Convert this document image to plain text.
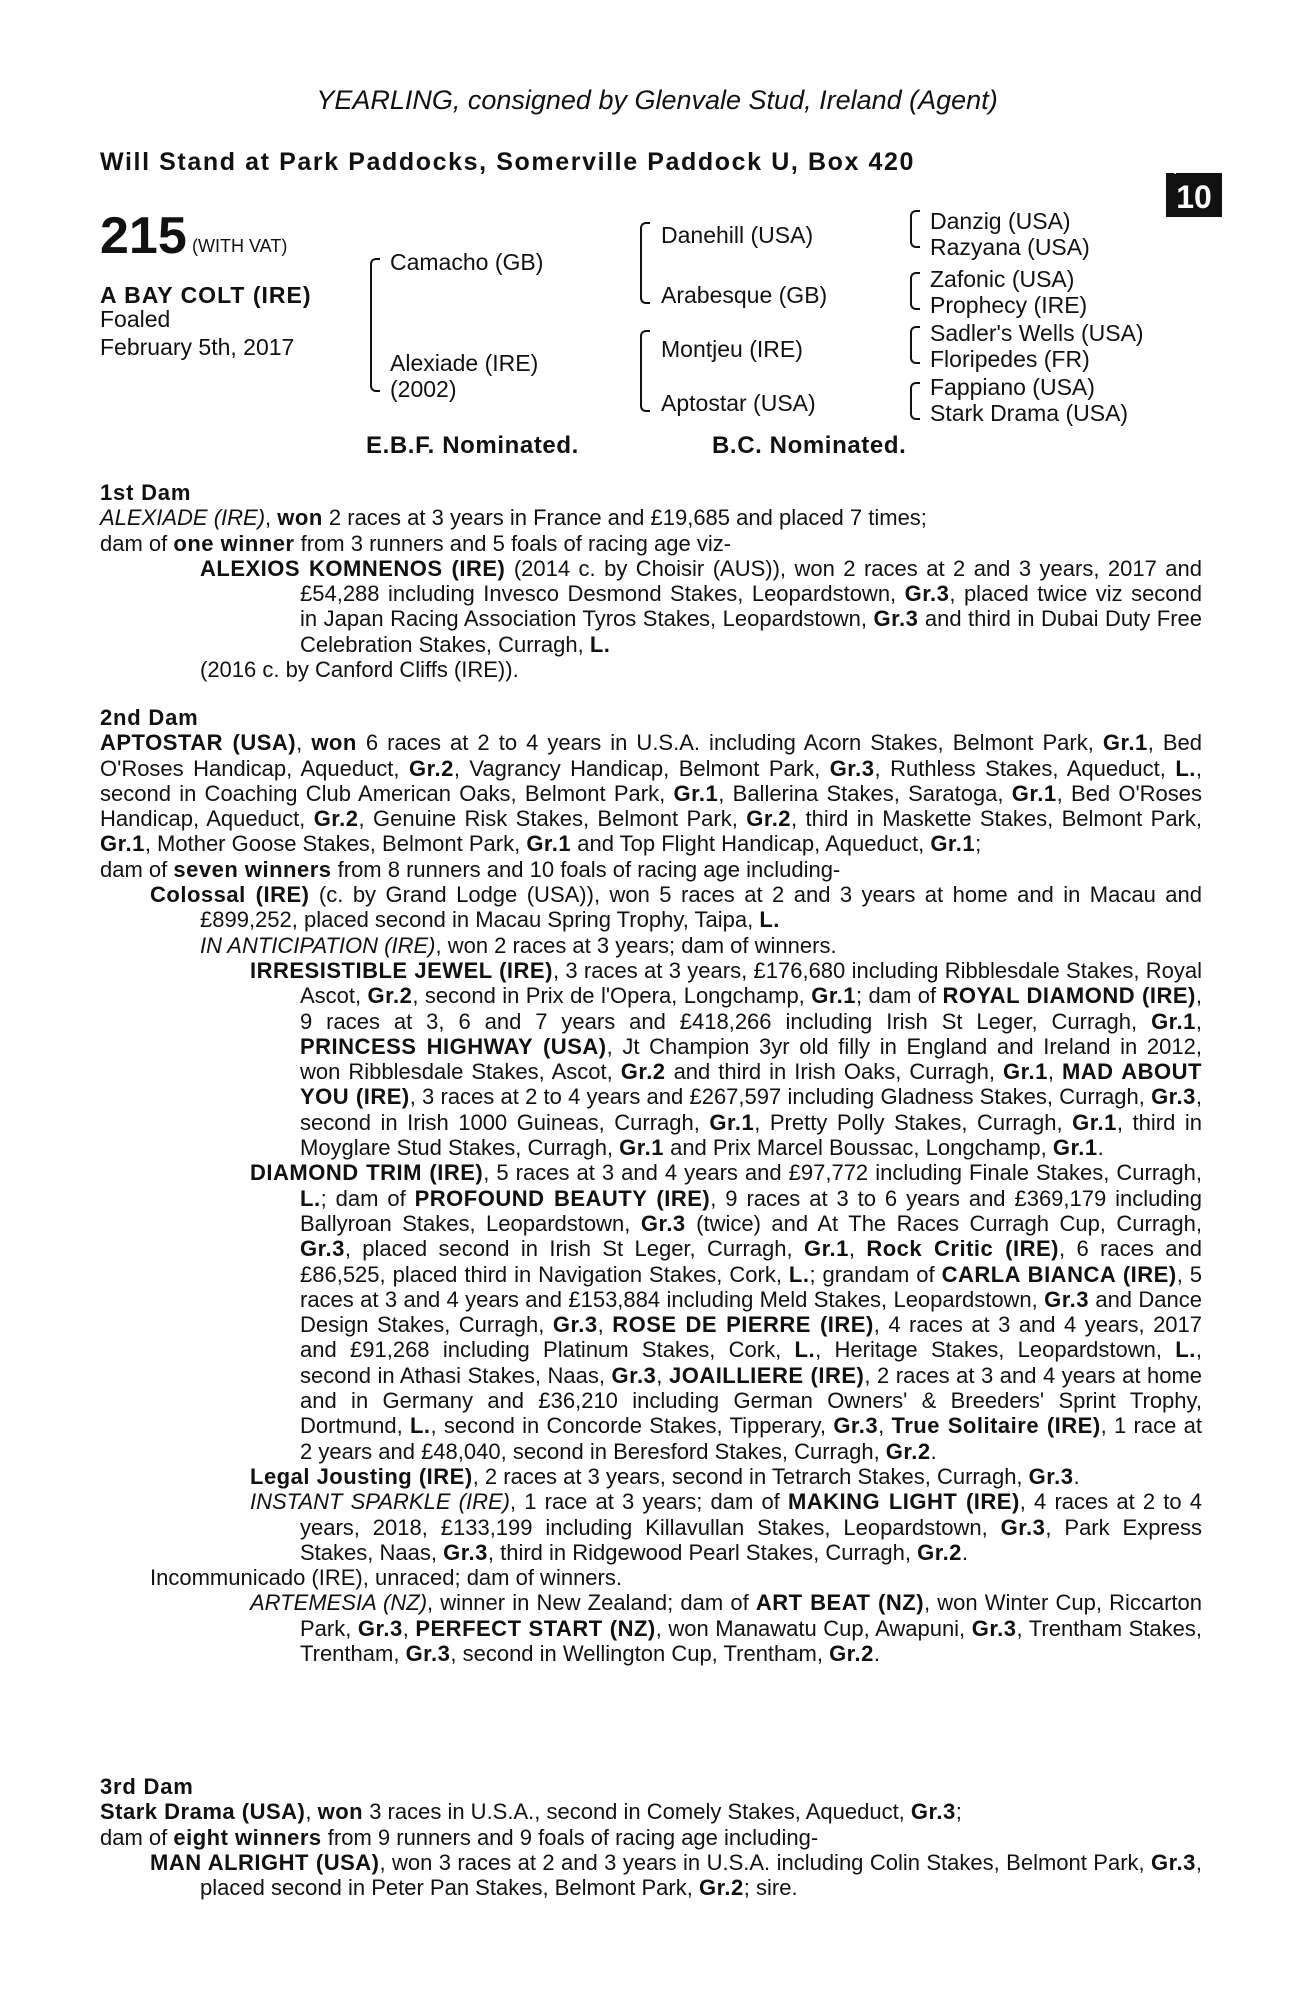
YEARLING, consigned by Glenvale Stud, Ireland (Agent)
Will Stand at Park Paddocks, Somerville Paddock U, Box 420	+
10
215 (WITH VAT)
A BAY COLT (IRE)
Foaled
February 5th, 2017
Camacho (GB)
Alexiade (IRE)
(2002)
Danehill (USA)
Arabesque (GB)
Montjeu (IRE)
Aptostar (USA)
Danzig (USA)
Razyana (USA)
Zafonic (USA)
Prophecy (IRE)
Sadler's Wells (USA)
Floripedes (FR)
Fappiano (USA)
Stark Drama (USA)
E.B.F. Nominated.	B.C. Nominated.

1st Dam

ALEXIADE (IRE), won 2 races at 3 years in France and £19,685 and placed 7 times;

dam of one winner from 3 runners and 5 foals of racing age viz-

ALEXIOS KOMNENOS (IRE) (2014 c. by Choisir (AUS)), won 2 races at 2 and 3 years, 2017 and £54,288 including Invesco Desmond Stakes, Leopardstown, Gr.3, placed twice viz second in Japan Racing Association Tyros Stakes, Leopardstown, Gr.3 and third in Dubai Duty Free Celebration Stakes, Curragh, L.

(2016 c. by Canford Cliffs (IRE)).

2nd Dam

APTOSTAR (USA), won 6 races at 2 to 4 years in U.S.A. including Acorn Stakes, Belmont Park, Gr.1, Bed O'Roses Handicap, Aqueduct, Gr.2, Vagrancy Handicap, Belmont Park, Gr.3, Ruthless Stakes, Aqueduct, L., second in Coaching Club American Oaks, Belmont Park, Gr.1, Ballerina Stakes, Saratoga, Gr.1, Bed O'Roses Handicap, Aqueduct, Gr.2, Genuine Risk Stakes, Belmont Park, Gr.2, third in Maskette Stakes, Belmont Park, Gr.1, Mother Goose Stakes, Belmont Park, Gr.1 and Top Flight Handicap, Aqueduct, Gr.1;

dam of seven winners from 8 runners and 10 foals of racing age including-

Colossal (IRE) (c. by Grand Lodge (USA)), won 5 races at 2 and 3 years at home and in Macau and £899,252, placed second in Macau Spring Trophy, Taipa, L.

IN ANTICIPATION (IRE), won 2 races at 3 years; dam of winners.

IRRESISTIBLE JEWEL (IRE), 3 races at 3 years, £176,680 including Ribblesdale Stakes, Royal Ascot, Gr.2, second in Prix de l'Opera, Longchamp, Gr.1; dam of ROYAL DIAMOND (IRE), 9 races at 3, 6 and 7 years and £418,266 including Irish St Leger, Curragh, Gr.1, PRINCESS HIGHWAY (USA), Jt Champion 3yr old filly in England and Ireland in 2012, won Ribblesdale Stakes, Ascot, Gr.2 and third in Irish Oaks, Curragh, Gr.1, MAD ABOUT YOU (IRE), 3 races at 2 to 4 years and £267,597 including Gladness Stakes, Curragh, Gr.3, second in Irish 1000 Guineas, Curragh, Gr.1, Pretty Polly Stakes, Curragh, Gr.1, third in Moyglare Stud Stakes, Curragh, Gr.1 and Prix Marcel Boussac, Longchamp, Gr.1.

DIAMOND TRIM (IRE), 5 races at 3 and 4 years and £97,772 including Finale Stakes, Curragh, L.; dam of PROFOUND BEAUTY (IRE), 9 races at 3 to 6 years and £369,179 including Ballyroan Stakes, Leopardstown, Gr.3 (twice) and At The Races Curragh Cup, Curragh, Gr.3, placed second in Irish St Leger, Curragh, Gr.1, Rock Critic (IRE), 6 races and £86,525, placed third in Navigation Stakes, Cork, L.; grandam of CARLA BIANCA (IRE), 5 races at 3 and 4 years and £153,884 including Meld Stakes, Leopardstown, Gr.3 and Dance Design Stakes, Curragh, Gr.3, ROSE DE PIERRE (IRE), 4 races at 3 and 4 years, 2017 and £91,268 including Platinum Stakes, Cork, L., Heritage Stakes, Leopardstown, L., second in Athasi Stakes, Naas, Gr.3, JOAILLIERE (IRE), 2 races at 3 and 4 years at home and in Germany and £36,210 including German Owners' & Breeders' Sprint Trophy, Dortmund, L., second in Concorde Stakes, Tipperary, Gr.3, True Solitaire (IRE), 1 race at 2 years and £48,040, second in Beresford Stakes, Curragh, Gr.2.

Legal Jousting (IRE), 2 races at 3 years, second in Tetrarch Stakes, Curragh, Gr.3.

INSTANT SPARKLE (IRE), 1 race at 3 years; dam of MAKING LIGHT (IRE), 4 races at 2 to 4 years, 2018, £133,199 including Killavullan Stakes, Leopardstown, Gr.3, Park Express Stakes, Naas, Gr.3, third in Ridgewood Pearl Stakes, Curragh, Gr.2.

Incommunicado (IRE), unraced; dam of winners.

ARTEMESIA (NZ), winner in New Zealand; dam of ART BEAT (NZ), won Winter Cup, Riccarton Park, Gr.3, PERFECT START (NZ), won Manawatu Cup, Awapuni, Gr.3, Trentham Stakes, Trentham, Gr.3, second in Wellington Cup, Trentham, Gr.2.

3rd Dam

Stark Drama (USA), won 3 races in U.S.A., second in Comely Stakes, Aqueduct, Gr.3;

dam of eight winners from 9 runners and 9 foals of racing age including-

MAN ALRIGHT (USA), won 3 races at 2 and 3 years in U.S.A. including Colin Stakes, Belmont Park, Gr.3, placed second in Peter Pan Stakes, Belmont Park, Gr.2; sire.
